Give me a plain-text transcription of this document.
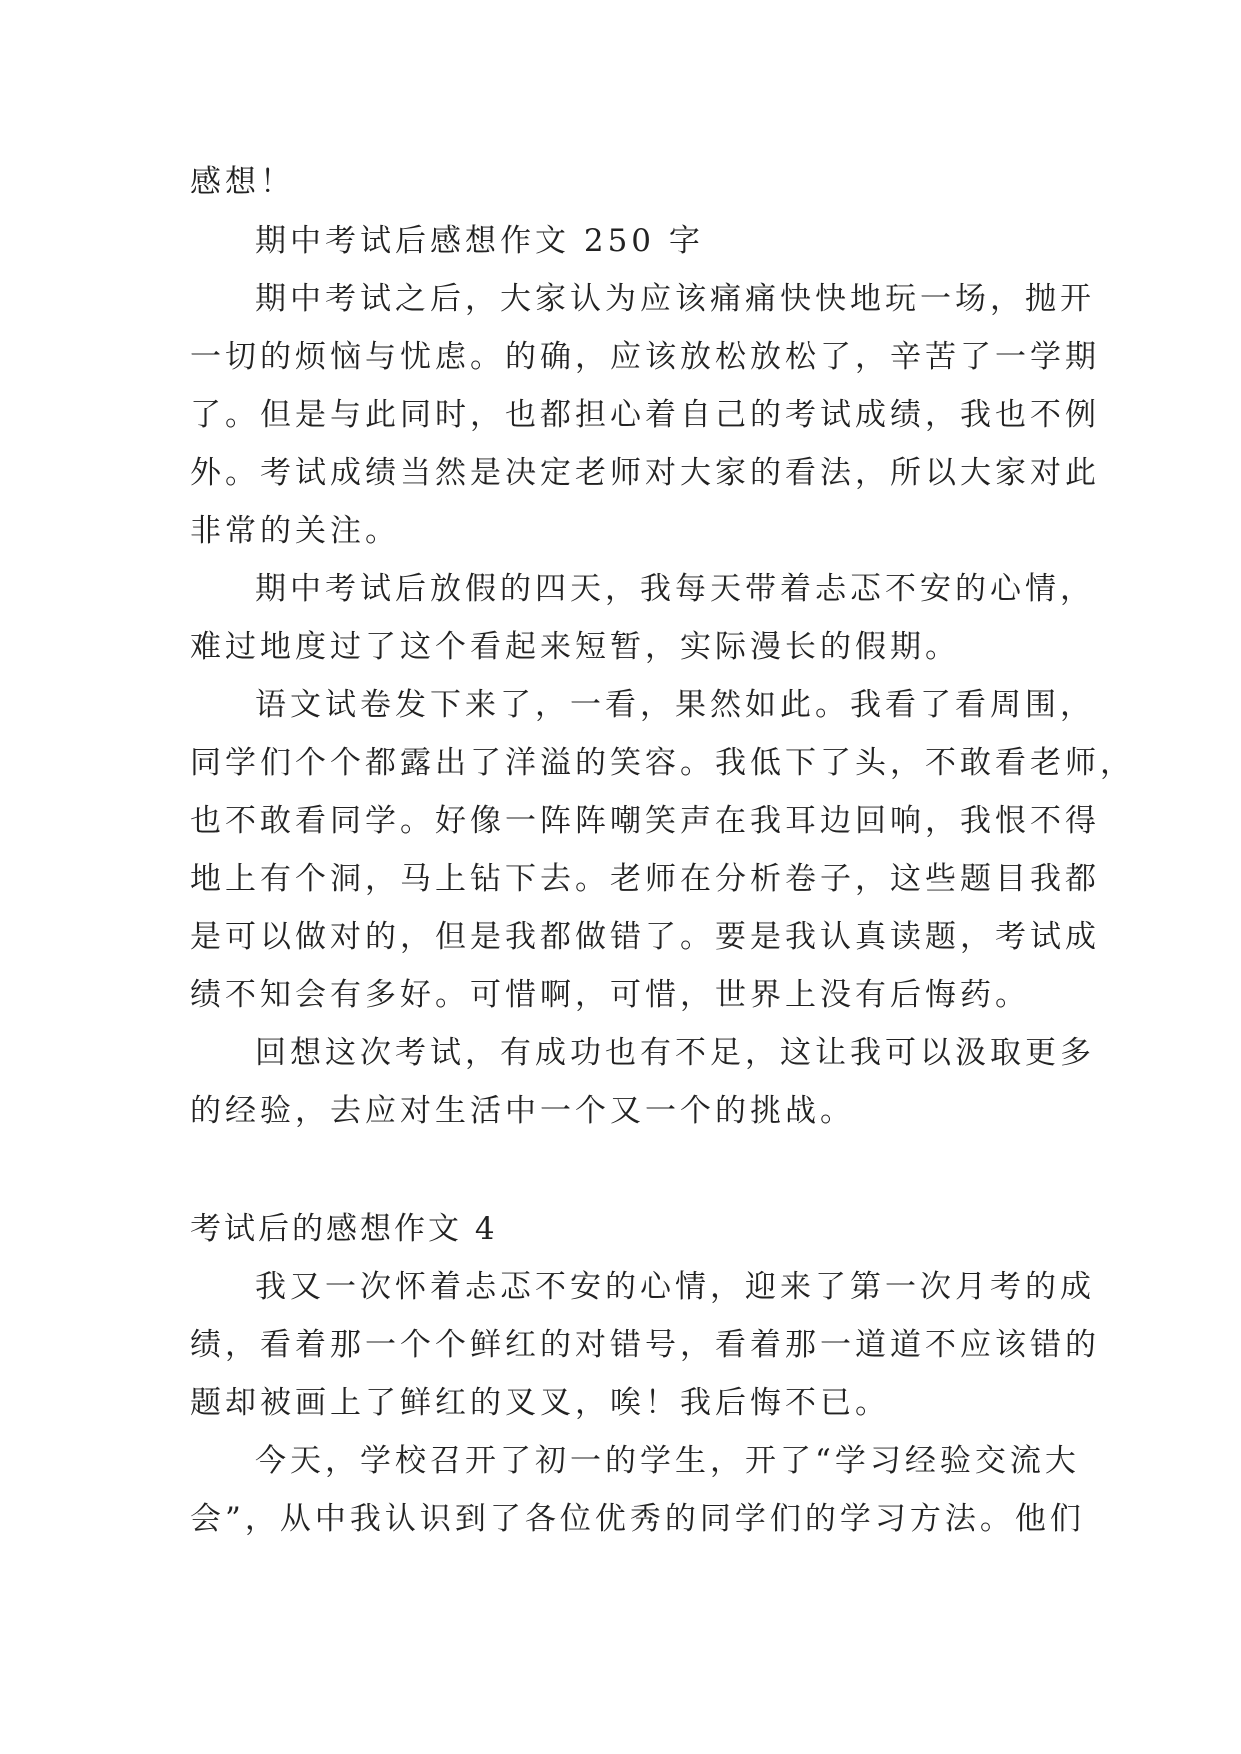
感想！

期中考试后感想作文 250 字

期中考试之后，大家认为应该痛痛快快地玩一场，抛开
一切的烦恼与忧虑。的确，应该放松放松了，辛苦了一学期
了。但是与此同时，也都担心着自己的考试成绩，我也不例
外。考试成绩当然是决定老师对大家的看法，所以大家对此
非常的关注。

期中考试后放假的四天，我每天带着忐忑不安的心情，
难过地度过了这个看起来短暂，实际漫长的假期。

语文试卷发下来了，一看，果然如此。我看了看周围，
同学们个个都露出了洋溢的笑容。我低下了头，不敢看老师，
也不敢看同学。好像一阵阵嘲笑声在我耳边回响，我恨不得
地上有个洞，马上钻下去。老师在分析卷子，这些题目我都
是可以做对的，但是我都做错了。要是我认真读题，考试成
绩不知会有多好。可惜啊，可惜，世界上没有后悔药。

回想这次考试，有成功也有不足，这让我可以汲取更多
的经验，去应对生活中一个又一个的挑战。

考试后的感想作文 4

我又一次怀着忐忑不安的心情，迎来了第一次月考的成
绩，看着那一个个鲜红的对错号，看着那一道道不应该错的
题却被画上了鲜红的叉叉，唉！我后悔不已。

今天，学校召开了初一的学生，开了“学习经验交流大
会”，从中我认识到了各位优秀的同学们的学习方法。他们
